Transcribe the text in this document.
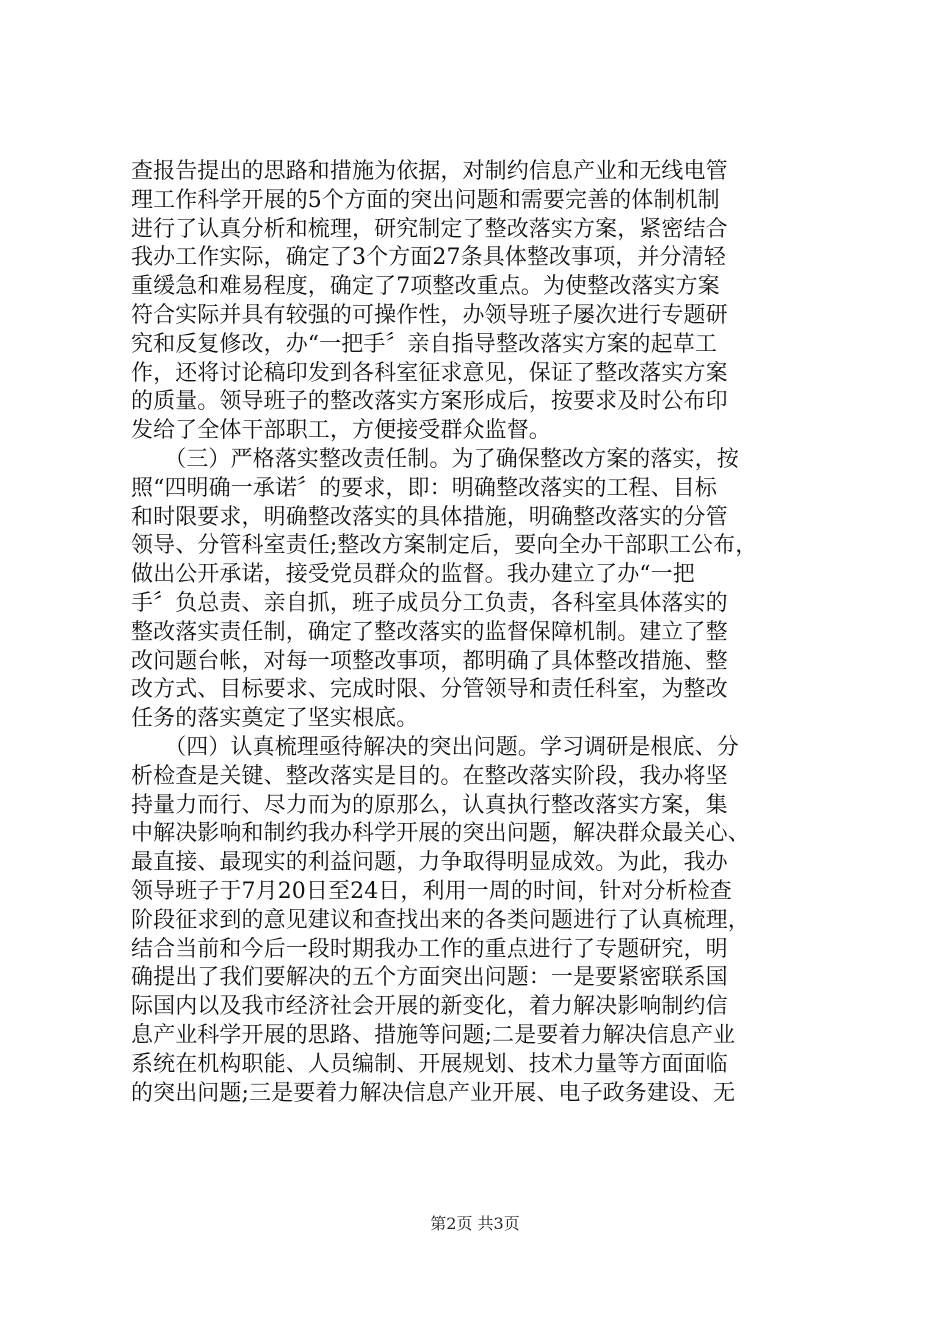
查报告提出的思路和措施为依据，对制约信息产业和无线电管
理工作科学开展的5个方面的突出问题和需要完善的体制机制
进行了认真分析和梳理，研究制定了整改落实方案，紧密结合
我办工作实际，确定了3个方面27条具体整改事项，并分清轻
重缓急和难易程度，确定了7项整改重点。为使整改落实方案
符合实际并具有较强的可操作性，办领导班子屡次进行专题研
究和反复修改，办“一把手〞亲自指导整改落实方案的起草工
作，还将讨论稿印发到各科室征求意见，保证了整改落实方案
的质量。领导班子的整改落实方案形成后，按要求及时公布印
发给了全体干部职工，方便接受群众监督。
　　（三）严格落实整改责任制。为了确保整改方案的落实，按
照“四明确一承诺〞的要求，即：明确整改落实的工程、目标
和时限要求，明确整改落实的具体措施，明确整改落实的分管
领导、分管科室责任;整改方案制定后，要向全办干部职工公布，
做出公开承诺，接受党员群众的监督。我办建立了办“一把
手〞负总责、亲自抓，班子成员分工负责，各科室具体落实的
整改落实责任制，确定了整改落实的监督保障机制。建立了整
改问题台帐，对每一项整改事项，都明确了具体整改措施、整
改方式、目标要求、完成时限、分管领导和责任科室，为整改
任务的落实奠定了坚实根底。
　　（四）认真梳理亟待解决的突出问题。学习调研是根底、分
析检查是关键、整改落实是目的。在整改落实阶段，我办将坚
持量力而行、尽力而为的原那么，认真执行整改落实方案，集
中解决影响和制约我办科学开展的突出问题，解决群众最关心、
最直接、最现实的利益问题，力争取得明显成效。为此，我办
领导班子于7月20日至24日，利用一周的时间，针对分析检查
阶段征求到的意见建议和查找出来的各类问题进行了认真梳理，
结合当前和今后一段时期我办工作的重点进行了专题研究，明
确提出了我们要解决的五个方面突出问题：一是要紧密联系国
际国内以及我市经济社会开展的新变化，着力解决影响制约信
息产业科学开展的思路、措施等问题;二是要着力解决信息产业
系统在机构职能、人员编制、开展规划、技术力量等方面面临
的突出问题;三是要着力解决信息产业开展、电子政务建设、无
第2页 共3页
